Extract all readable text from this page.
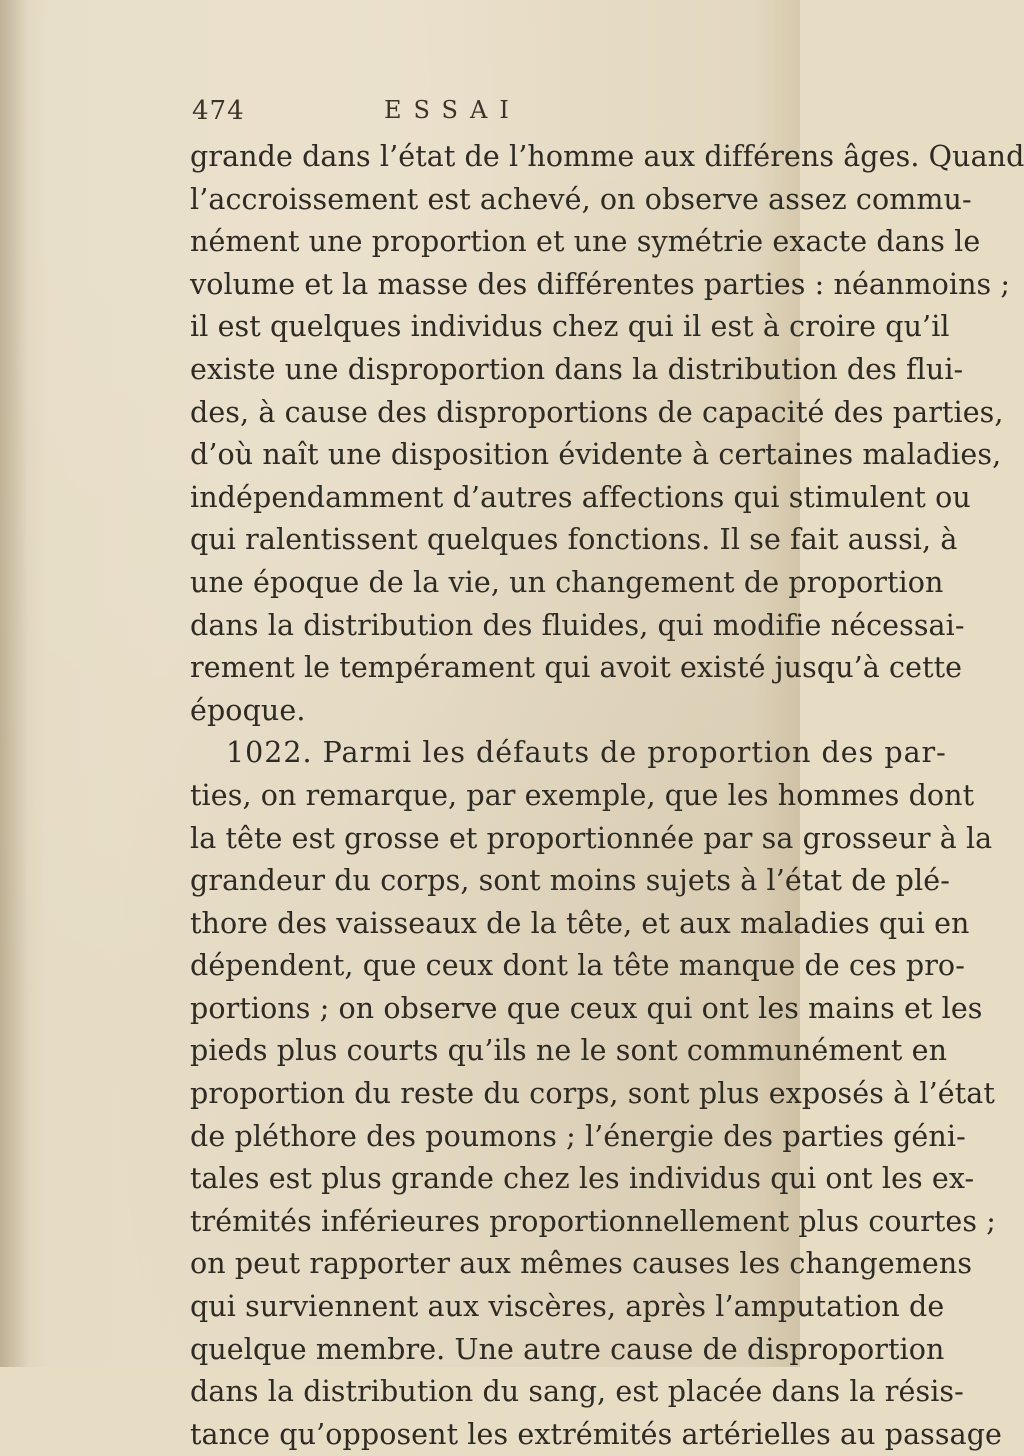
474	ESSAI
grande dans l’état de l’homme aux différens âges. Quand
l’accroissement est achevé, on observe assez commu-
nément une proportion et une symétrie exacte dans le
volume et la masse des différentes parties : néanmoins ;
il est quelques individus chez qui il est à croire qu’il
existe une disproportion dans la distribution des flui-
des, à cause des disproportions de capacité des parties,
d’où naît une disposition évidente à certaines maladies,
indépendamment d’autres affections qui stimulent ou
qui ralentissent quelques fonctions. Il se fait aussi, à
une époque de la vie, un changement de proportion
dans la distribution des fluides, qui modifie nécessai-
rement le tempérament qui avoit existé jusqu’à cette
époque.
1022. Parmi les défauts de proportion des par-
ties, on remarque, par exemple, que les hommes dont
la tête est grosse et proportionnée par sa grosseur à la
grandeur du corps, sont moins sujets à l’état de plé-
thore des vaisseaux de la tête, et aux maladies qui en
dépendent, que ceux dont la tête manque de ces pro-
portions ; on observe que ceux qui ont les mains et les
pieds plus courts qu’ils ne le sont communément en
proportion du reste du corps, sont plus exposés à l’état
de pléthore des poumons ; l’énergie des parties géni-
tales est plus grande chez les individus qui ont les ex-
trémités inférieures proportionnellement plus courtes ;
on peut rapporter aux mêmes causes les changemens
qui surviennent aux viscères, après l’amputation de
quelque membre. Une autre cause de disproportion
dans la distribution du sang, est placée dans la résis-
tance qu’opposent les extrémités artérielles au passage
